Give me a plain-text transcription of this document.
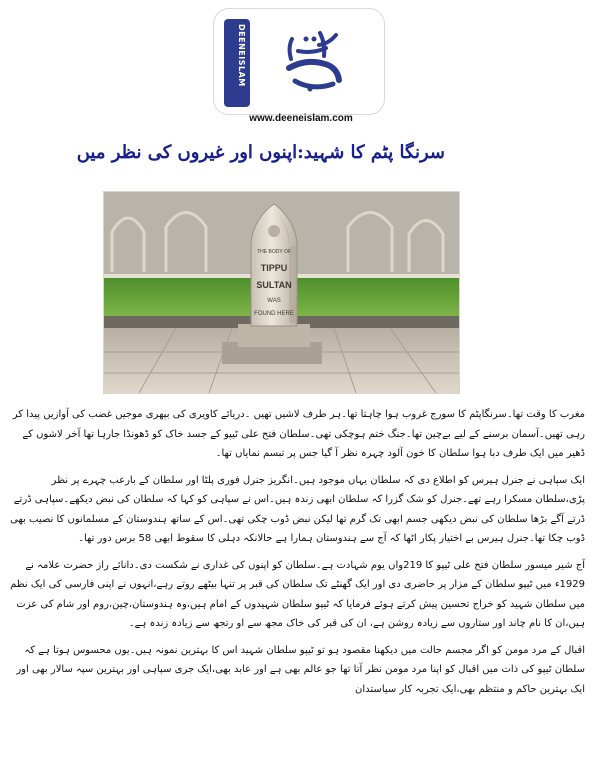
DEENEISLAM
www.deeneislam.com
سرنگا پٹم کا شہید:اپنوں اور غیروں کی نظر میں
THE BODY OF
TIPPU
SULTAN
WAS
FOUND HERE

مغرب کا وقت تھا۔سرنگاپٹم کا سورج غروب ہوا چاہتا تھا۔ہر طرف لاشیں تھیں ۔دریائے کاویری کی بپھری موجیں غضب کی آوازیں پیدا کر رہی تھیں۔آسمان برسنے کے لیے بےچین تھا۔جنگ ختم ہوچکی تھی۔سلطان فتح علی ٹیپو کے جسد خاک کو ڈھونڈا جارہا تھا آخر لاشوں کے ڈھیر میں ایک طرف دبا ہوا سلطان کا خون آلود چہرہ نظر آ گیا جس پر تبسم نمایاں تھا۔

ایک سپاہی نے جنرل ہیرس کو اطلاع دی کہ سلطان یہاں موجود ہیں۔انگریز جنرل فوری پلٹا اور سلطان کے بارعب چہرے پر نظر پڑی،سلطان مسکرا رہے تھے۔جنرل کو شک گزرا کہ سلطان ابھی زندہ ہیں۔اس نے سپاہی کو کہا کہ سلطان کی نبض دیکھے۔سپاہی ڈرتے ڈرتے آگے بڑھا سلطان کی نبض دیکھی جسم ابھی تک گرم تھا لیکن نبض ڈوب چکی تھی۔اس کے ساتھ ہندوستان کے مسلمانوں کا نصیب بھی ڈوب چکا تھا۔جنرل ہیرس بے اختیار پکار اٹھا کہ آج سے ہندوستان ہمارا ہے حالانکہ دہلی کا سقوط ابھی 58 برس دور تھا۔

آج شیر میسور سلطان فتح علی ٹیپو کا 219واں یوم شہادت ہے۔سلطان کو اپنوں کی غداری نے شکست دی۔دانائے راز حضرت علامہ نے 1929ء میں ٹیپو سلطان کے مزار پر حاضری دی اور ایک گھنٹے تک سلطان کی قبر پر تنہا بیٹھے روتے رہے،انہوں نے اپنی فارسی کی ایک نظم میں سلطان شہید کو خراج تحسین پیش کرتے ہوئے فرمایا کہ ٹیپو سلطان شہیدوں کے امام ہیں،وہ ہندوستان،چین،روم اور شام کی عزت ہیں،ان کا نام چاند اور ستاروں سے زیادہ روشن ہے، ان کی قبر کی خاک مجھ سے او رتجھ سے زیادہ زندہ ہے۔

اقبال کے مرد مومن کو اگر مجسم حالت میں دیکھنا مقصود ہو تو ٹیپو سلطان شہید اس کا بہترین نمونہ ہیں۔یوں محسوس ہوتا ہے کہ سلطان ٹیپو کی ذات میں اقبال کو اپنا مرد مومن نظر آتا تھا جو عالم بھی ہے اور عابد بھی،ایک جری سپاہی اور بہترین سپہ سالار بھی اور ایک بہترین حاکم و منتظم بھی،ایک تجربہ کار سیاستدان
